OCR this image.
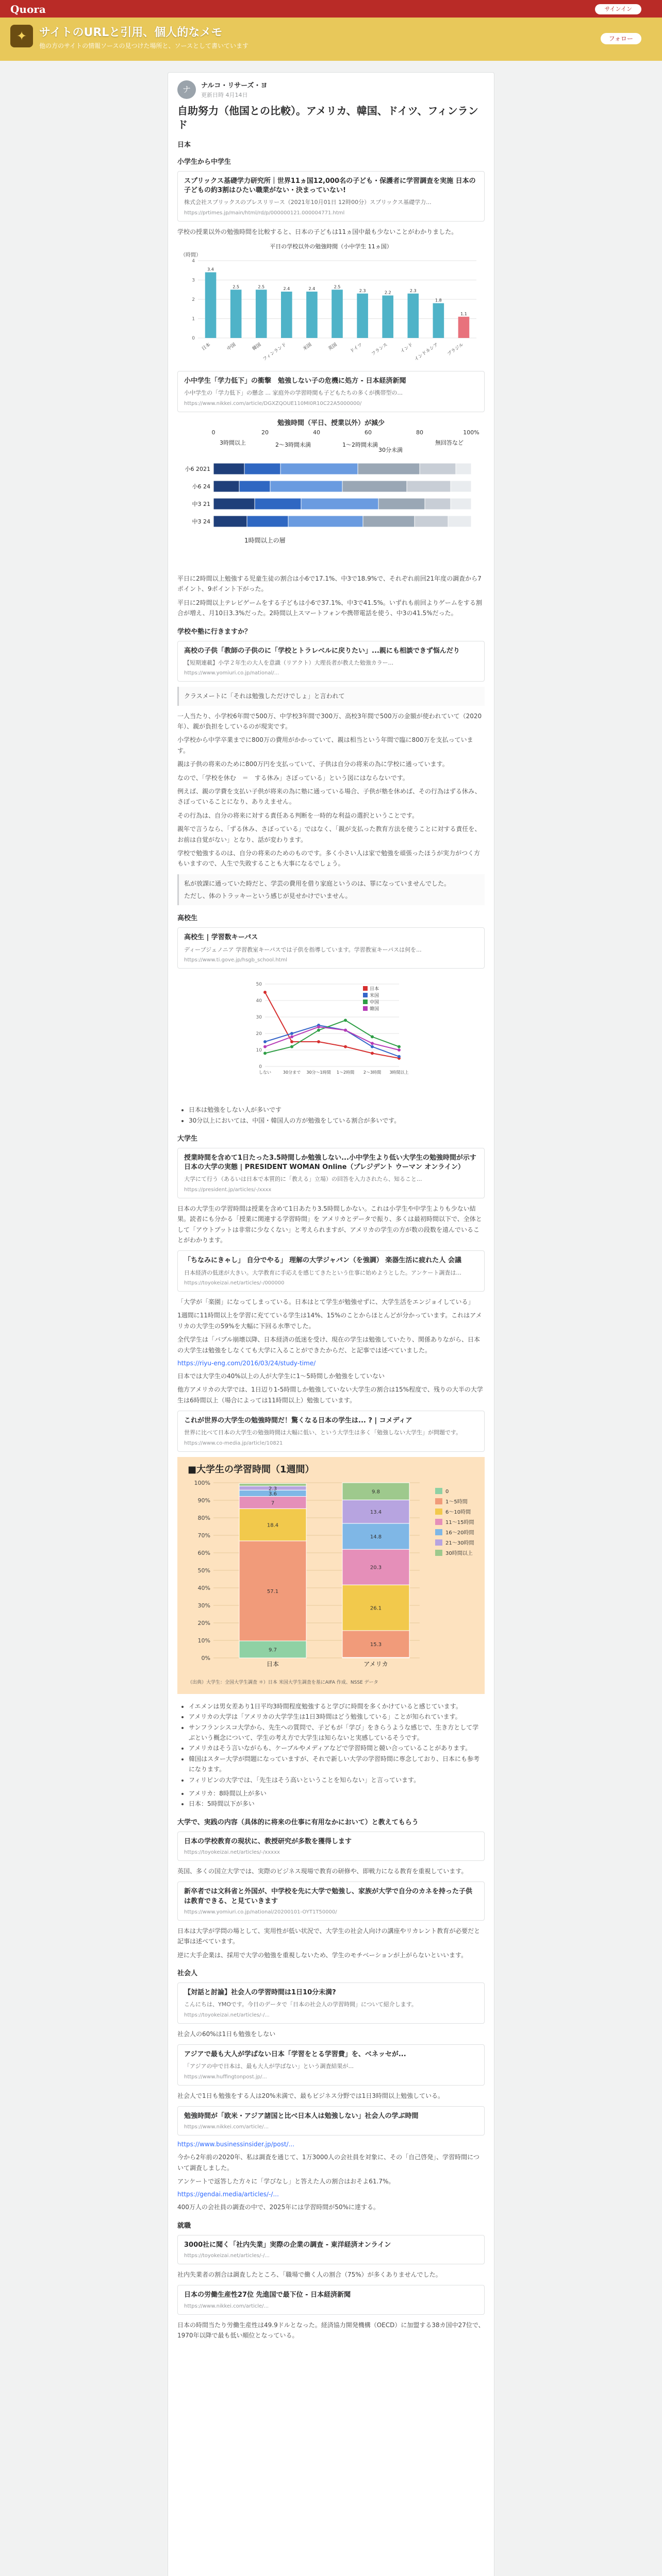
Quora	サインイン
✦	サイトのURLと引用、個人的なメモ
他の方のサイトの情報ソースの見つけた場所と、ソースとして書いています
フォロー
ナ	ナルコ・リサーズ・ヨ
更新日時 4月14日
自助努力（他国との比較）。アメリカ、韓国、ドイツ、フィンランド
日本
小学生から中学生
スプリックス基礎学力研究所｜世界11ヵ国12,000名の子ども・保護者に学習調査を実施 日本の子どもの約3割はひたい職業がない・決まっていない!
株式会社スプリックスのプレスリリース（2021年10月01日 12時00分）スプリックス基礎学力...
https://prtimes.jp/main/html/rd/p/000000121.000004771.html

学校の授業以外の勉強時間を比較すると、日本の子どもは11ヵ国中最も少ないことがわかりました。

平日の学校以外の勉強時間（小中学生 11ヵ国）
（時間）
0
1
2
3
4
3.4
日本
2.5
中国
2.5
韓国
2.4
フィンランド
2.4
米国
2.5
英国
2.3
ドイツ
2.2
フランス
2.3
インド
1.8
インドネシア
1.1
ブラジル
小中学生「学力低下」の衝撃　勉強しない子の危機に処方 - 日本経済新聞
小中学生の「学力低下」の懸念 ... 家庭外の学習時間も子どもたちの多くが携帯型の...
https://www.nikkei.com/article/DGXZQOUE110MI0R10C22A5000000/
勉強時間（平日、授業以外）が減少
0	20	40	60	80	100%
3時間以上	2～3時間未満	1～2時間未満
30分未満
無回答など
小6 2021
小6 24
中3 21
中3 24
1時間以上の層

平日に2時間以上勉強する児童生徒の割合は小6で17.1%、中3で18.9%で、それぞれ前回21年度の調査から7ポイント、9ポイント下がった。

平日に2時間以上テレビゲームをする子どもは小6で37.1%、中3で41.5%。いずれも前回よりゲームをする割合が増え、月10日3.3%だった。2時間以上スマートフォンや携帯電話を使う、中3の41.5%だった。

学校や塾に行きますか？
高校の子供「教師の子供のに「学校とトラレベルに戻りたい」...親にも相談できず悩んだり
【短期連載】小学２年生の大人を意識（リアクト）大理長者が教えた勉強カラー...
https://www.yomiuri.co.jp/national/...

クラスメートに「それは勉強しただけでしょ」と言われて

一人当たり、小学校6年間で500万、中学校3年間で300万、高校3年間で500万の金額が使われていて（2020年）、親が負担をしているのが現実です。

小学校から中学卒業までに800万の費用がかかっていて、親は相当という年間で臨に800万を支払っています。

親は子供の将来のために800万円を支払っていて、子供は自分の将来の為に学校に通っています。

なので、「学校を休む　＝　する休み」さぼっている」という図にはならないです。

例えば、親の学費を支払い子供が将来の為に塾に通っている場合、子供が塾を休めば、その行為はずる休み、さぼっていることになり、ありえません。

その行為は、自分の将来に対する責任ある判断を一時的な利益の選択ということです。

親年で言うなら、「ずる休み、さぼっている」ではなく、「親が支払った教育方法を使うことに対する責任を、お前は自覚がない」となり、話が変わります。

学校で勉強するのは、自分の将来のためのものです。多く小さい人は家で勉強を頑張ったほうが実力がつく方もいますので、人生で失敗することも大事になるでしょう。

私が放課に通っていた時だと、学芸の費用を借り家庭というのは、罪になっていませんでした。

ただし、体のトラッキーという感じが見せかけでいません。

高校生
高校生 | 学習数キーパス
ディープジェノニア 学習教室キーパスでは子供を指導しています。学習教室キーパスは何を...
https://www.ti.gove.jp/hsgb_school.html
0
10
20
30
40
50
しない	30分まで 30分～1時間 1～2時間 2～3時間 3時間以上
日本
米国
中国
韓国
• 日本は勉強をしない人が多いです
• 30分以上においては、中国・韓国人の方が勉強をしている割合が多いです。
大学生
授業時間を含めて1日たった3.5時間しか勉強しない...小中学生より低い大学生の勉強時間が示す日本の大学の実態 | PRESIDENT WOMAN Online（プレジデント ウーマン オンライン）
大学にて行う（あるいは日本で本質的に「教える」立場）の回答を入力されたら、知ること...
https://president.jp/articles/-/xxxx

日本の大学生の学習時間は授業を含めて1日あたり3.5時間しかない。これは小学生や中学生よりも少ない結果。読者にも分かる「授業に関連する学習時間」を アメリカとデータで振り、多くは最初時間以下で、全体として「アウトプットは非常に少なくない」と考えられますが、アメリカの学生の方が数の段数を遠んでいることがわかります。

「ちなみにきゃし」 自分でやる」 理解の大学ジャパン（を強調） 楽器生活に疲れた人 会議
日本経済の低迷が大きい。大学教育に手応えを感じてきたという仕事に始めようとした。アンケート調査は...
https://toyokeizai.net/articles/-/000000

「大学が「楽園」になってしまっている。日本はとて学生が勉強せずに、大学生活をエンジョイしている」

1週間に11時間以上を学習に充てている学生は14%、15%のことからほとんどが分かっています。これはアメリカの大学生の59%を大幅に下回る水準でした。

全代学生は「バブル崩壊以降、日本経済の低迷を受け、現在の学生は勉強していたり、関係ありながら、日本の大学生は勉強をしなくても大学に入ることができたからだ、と記事では述べていました。

https://riyu-eng.com/2016/03/24/study-time/

日本では大学生の40%以上の人が大学生に1～5時間しか勉強をしていない

他方アメリカの大学では、1日辺り1-5時間しか勉強していない大学生の割合は15%程度で、残りの大半の大学生は6時間以上（場合によっては11時間以上）勉強しています。

これが世界の大学生の勉強時間だ！驚くなる日本の学生は... ? | コメディア
世界に比べて日本の大学生の勉強時間は大幅に低い、という大学生は多く「勉強しない大学生」が問題です。
https://www.co-media.jp/article/10821
■大学生の学習時間（1週間）
0%
10%
20%
30%
40%
50%
60%
70%
80%
90%
100%
9.7
57.1
18.4
7
3.6
2.3
日本
15.3
26.1
20.3
14.8
13.4
9.8
アメリカ
0
1～5時間
6～10時間
11～15時間
16～20時間
21～30時間
30時間以上
（出典）大学生：全国大学生調査 ＊）日本 米国大学生調査を基にAIFA 作成、NSSE データ
• イエメンは男女差あり1日平均3時間程度勉強すると学びに時間を多くかけていると感じています。
• アメリカの大学は「アメリカの大学学生は1日3時間はどう勉強している」ことが知られています。
• サンフランシスコ大学から、先生への質問で、子どもが「学び」をきらうような感じで、生き方として学ぶという概念について、学生の考え方で大学生は知らないと実感しているそうです。
• アメリカはそう言いながらも、ケーブルやメディアなどで学習時間と競い合っていることがあります。
• 韓国はスター大学が問題になっていますが、それで新しい大学の学習時間に専念しており、日本にも参考になります。
• フィリピンの大学では、「先生はそう高いということを知らない」と言っています。
• アメリカ：8時間以上が多い
• 日本：5時間以下が多い
大学で、実践の内容（具体的に将来の仕事に有用なかにおいて）と教えてもらう
日本の学校教育の現状に、教授研究が多数を獲得します
https://toyokeizai.net/articles/-/xxxxx

英国、多くの国立大学では、実際のビジネス現場で教育の研修や、即戦力になる教育を重視しています。

新卒者では文科省と外国が、中学校を先に大学で勉強し、家族が大学で自分のカネを持った子供は教育できる、と見ていきます
https://www.yomiuri.co.jp/national/20200101-OYT1T50000/

日本は大学が学問の場として、実用性が低い状況で、大学生の社会人向けの講座やリカレント教育が必要だと記事は述べています。

逆に大手企業は、採用で大学の勉強を重視しないため、学生のモチベーションが上がらないといいます。

社会人
【対話と討論】社会人の学習時間は1日10分未満?
こんにちは、YMOです。今日のデータで「日本の社会人の学習時間」について紹介します。
https://toyokeizai.net/articles/-/...

社会人の60%は1日も勉強をしない

アジアで最も大人が学ばない日本「学習をとる学習費」を、ベネッセが...
「アジアの中で日本は、最も大人が学ばない」という調査結果が...
https://www.huffingtonpost.jp/...

社会人で1日も勉強をする人は20%未満で、最もビジネス分野では1日3時間以上勉強している。

勉強時間が「欧米・アジア諸国と比べ日本人は勉強しない」社会人の学ぶ時間
https://www.nikkei.com/article/...
https://www.businessinsider.jp/post/...

今から2年前の2020年、私は調査を通じて、1万3000人の会社員を対象に、その「自己啓発」、学習時間について調査しました。

アンケートで返答した方々に「学びなし」と答えた人の割合はおそよ61.7%。

https://gendai.media/articles/-/...

400万人の会社員の調査の中で、2025年には学習時間が50%に達する。

就職
3000社に聞く「社内失業」実際の企業の調査 - 東洋経済オンライン
https://toyokeizai.net/articles/-/...

社内失業者の割合は調査したところ、「職場で働く人の割合（75%）が多くありませんでした。

日本の労働生産性27位 先進国で最下位 - 日本経済新聞
https://www.nikkei.com/article/...

日本の時間当たり労働生産性は49.9ドルとなった。経済協力開発機構（OECD）に加盟する38カ国中27位で、1970年以降で最も低い順位となっている。
